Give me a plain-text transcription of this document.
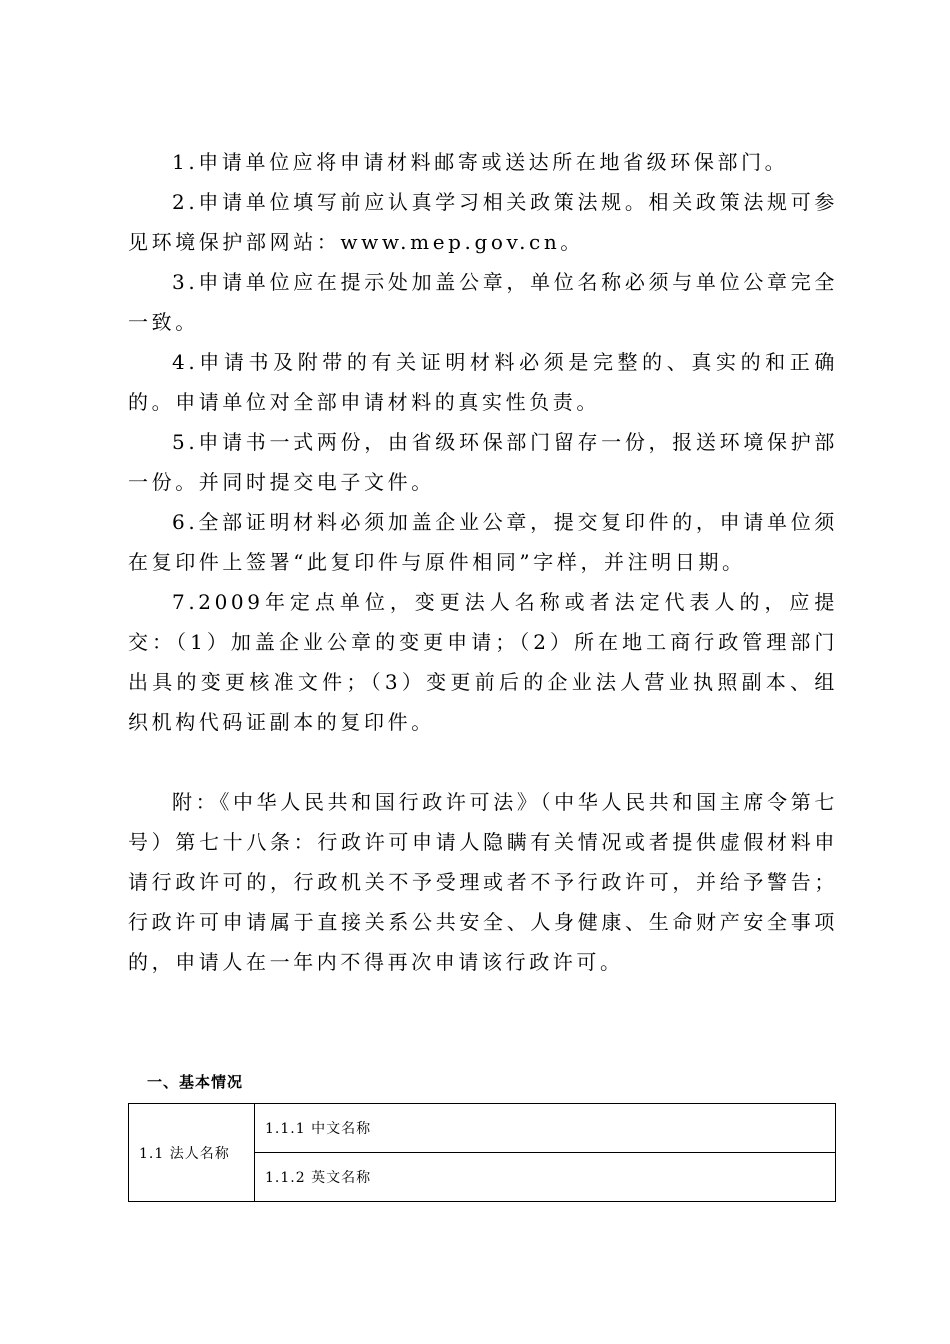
1.申请单位应将申请材料邮寄或送达所在地省级环保部门。

2.申请单位填写前应认真学习相关政策法规。相关政策法规可参见环境保护部网站：www.mep.gov.cn。

3.申请单位应在提示处加盖公章，单位名称必须与单位公章完全一致。

4.申请书及附带的有关证明材料必须是完整的、真实的和正确的。申请单位对全部申请材料的真实性负责。

5.申请书一式两份，由省级环保部门留存一份，报送环境保护部一份。并同时提交电子文件。

6.全部证明材料必须加盖企业公章，提交复印件的，申请单位须在复印件上签署“此复印件与原件相同”字样，并注明日期。

7.2009年定点单位，变更法人名称或者法定代表人的，应提交：（1）加盖企业公章的变更申请；（2）所在地工商行政管理部门出具的变更核准文件；（3）变更前后的企业法人营业执照副本、组织机构代码证副本的复印件。

附：《中华人民共和国行政许可法》（中华人民共和国主席令第七号）第七十八条：行政许可申请人隐瞒有关情况或者提供虚假材料申请行政许可的，行政机关不予受理或者不予行政许可，并给予警告；行政许可申请属于直接关系公共安全、人身健康、生命财产安全事项的，申请人在一年内不得再次申请该行政许可。

一、基本情况
1.1 法人名称	1.1.1 中文名称
1.1.2 英文名称
